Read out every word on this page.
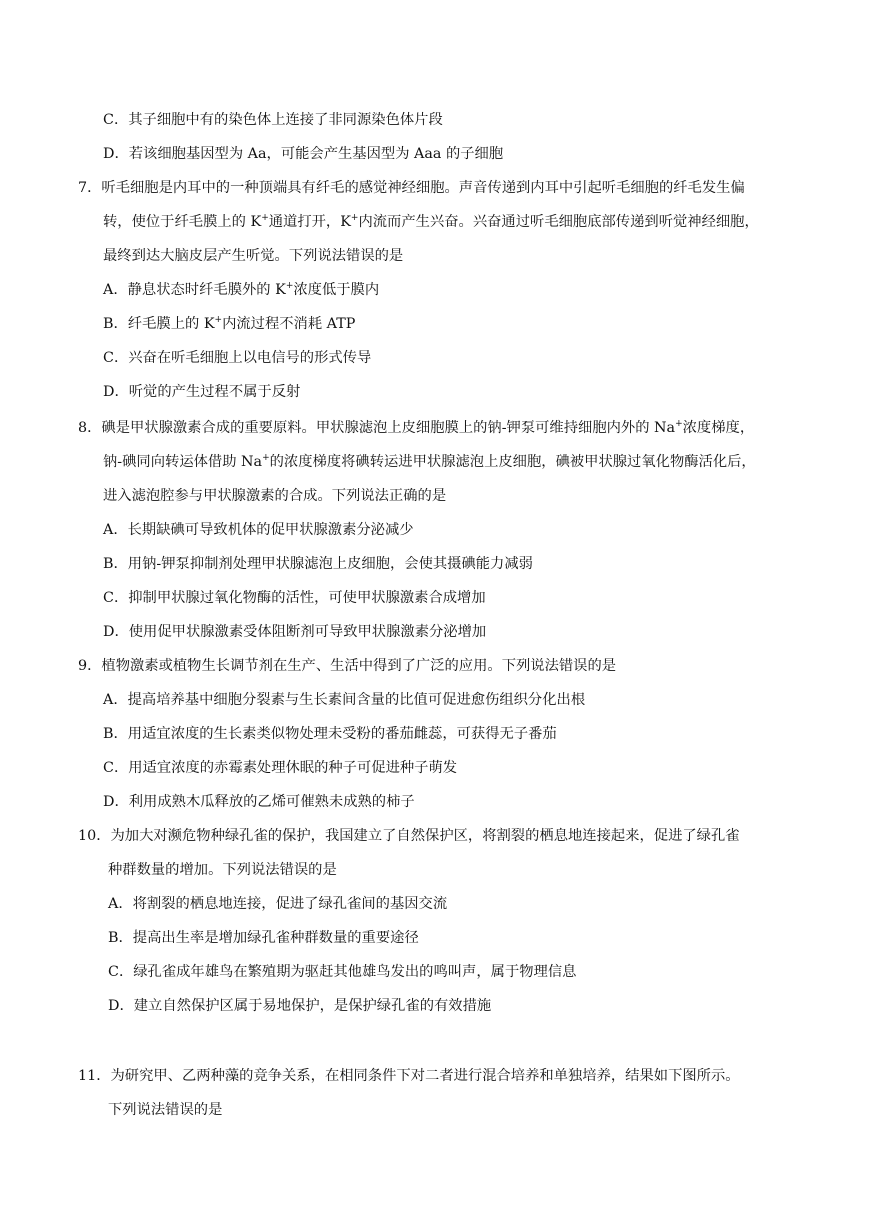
C．其子细胞中有的染色体上连接了非同源染色体片段
D．若该细胞基因型为 Aa，可能会产生基因型为 Aaa 的子细胞
7．听毛细胞是内耳中的一种顶端具有纤毛的感觉神经细胞。声音传递到内耳中引起听毛细胞的纤毛发生偏
转，使位于纤毛膜上的 K+通道打开，K+内流而产生兴奋。兴奋通过听毛细胞底部传递到听觉神经细胞，
最终到达大脑皮层产生听觉。下列说法错误的是
A．静息状态时纤毛膜外的 K+浓度低于膜内
B．纤毛膜上的 K+内流过程不消耗 ATP
C．兴奋在听毛细胞上以电信号的形式传导
D．听觉的产生过程不属于反射
8．碘是甲状腺激素合成的重要原料。甲状腺滤泡上皮细胞膜上的钠-钾泵可维持细胞内外的 Na+浓度梯度，
钠-碘同向转运体借助 Na+的浓度梯度将碘转运进甲状腺滤泡上皮细胞，碘被甲状腺过氧化物酶活化后，
进入滤泡腔参与甲状腺激素的合成。下列说法正确的是
A．长期缺碘可导致机体的促甲状腺激素分泌减少
B．用钠-钾泵抑制剂处理甲状腺滤泡上皮细胞，会使其摄碘能力减弱
C．抑制甲状腺过氧化物酶的活性，可使甲状腺激素合成增加
D．使用促甲状腺激素受体阻断剂可导致甲状腺激素分泌增加
9．植物激素或植物生长调节剂在生产、生活中得到了广泛的应用。下列说法错误的是
A．提高培养基中细胞分裂素与生长素间含量的比值可促进愈伤组织分化出根
B．用适宜浓度的生长素类似物处理未受粉的番茄雌蕊，可获得无子番茄
C．用适宜浓度的赤霉素处理休眠的种子可促进种子萌发
D．利用成熟木瓜释放的乙烯可催熟未成熟的柿子
10．为加大对濒危物种绿孔雀的保护，我国建立了自然保护区，将割裂的栖息地连接起来，促进了绿孔雀
种群数量的增加。下列说法错误的是
A．将割裂的栖息地连接，促进了绿孔雀间的基因交流
B．提高出生率是增加绿孔雀种群数量的重要途径
C．绿孔雀成年雄鸟在繁殖期为驱赶其他雄鸟发出的鸣叫声，属于物理信息
D．建立自然保护区属于易地保护，是保护绿孔雀的有效措施
11．为研究甲、乙两种藻的竞争关系，在相同条件下对二者进行混合培养和单独培养，结果如下图所示。
下列说法错误的是
